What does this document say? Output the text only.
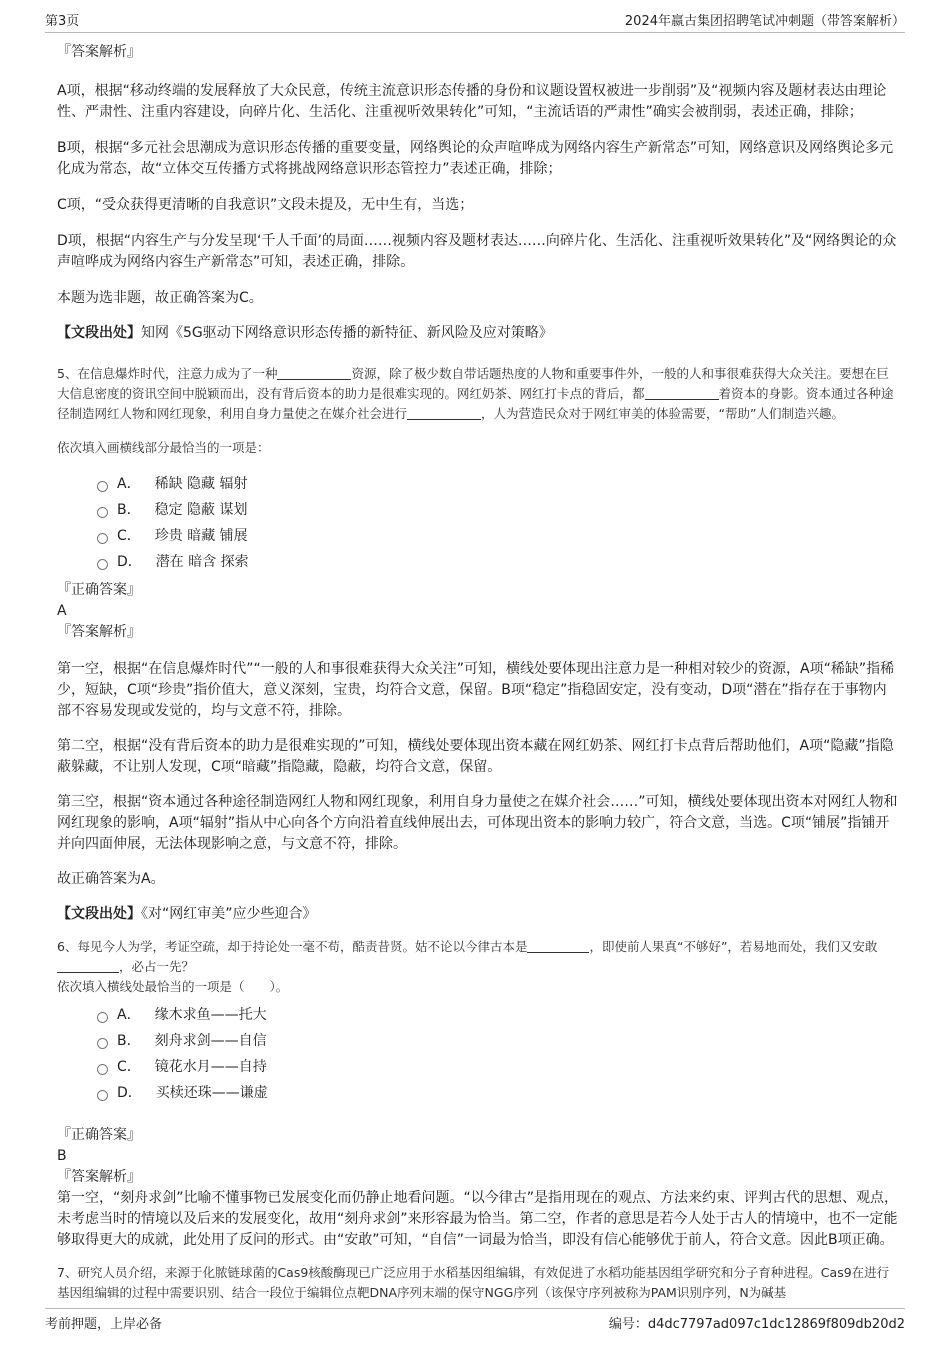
第3页	2024年嬴古集团招聘笔试冲刺题（带答案解析）

『答案解析』

A项，根据“移动终端的发展释放了大众民意，传统主流意识形态传播的身份和议题设置权被进一步削弱”及“视频内容及题材表达由理论性、严肃性、注重内容建设，向碎片化、生活化、注重视听效果转化”可知，“主流话语的严肃性”确实会被削弱，表述正确，排除；

B项，根据“多元社会思潮成为意识形态传播的重要变量，网络舆论的众声喧哗成为网络内容生产新常态”可知，网络意识及网络舆论多元化成为常态，故“立体交互传播方式将挑战网络意识形态管控力”表述正确，排除；

C项，“受众获得更清晰的自我意识”文段未提及，无中生有，当选；

D项，根据“内容生产与分发呈现‘千人千面’的局面……视频内容及题材表达……向碎片化、生活化、注重视听效果转化”及“网络舆论的众声喧哗成为网络内容生产新常态”可知，表述正确，排除。

本题为选非题，故正确答案为C。

【文段出处】知网《5G驱动下网络意识形态传播的新特征、新风险及应对策略》

5、在信息爆炸时代，注意力成为了一种	资源，除了极少数自带话题热度的人物和重要事件外，一般的人和事很难获得大众关注。要想在巨大信息密度的资讯空间中脱颖而出，没有背后资本的助力是很难实现的。网红奶茶、网红打卡点的背后，都	着资本的身影。资本通过各种途径制造网红人物和网红现象，利用自身力量使之在媒介社会进行	，人为营造民众对于网红审美的体验需要，“帮助”人们制造兴趣。

依次填入画横线部分最恰当的一项是：

A． 稀缺 隐藏 辐射
B． 稳定 隐蔽 谋划
C． 珍贵 暗藏 铺展
D． 潜在 暗含 探索

『正确答案』

A

『答案解析』

第一空，根据“在信息爆炸时代”“一般的人和事很难获得大众关注”可知，横线处要体现出注意力是一种相对较少的资源，A项“稀缺”指稀少，短缺，C项“珍贵”指价值大，意义深刻，宝贵，均符合文意，保留。B项“稳定”指稳固安定，没有变动，D项“潜在”指存在于事物内部不容易发现或发觉的，均与文意不符，排除。

第二空，根据“没有背后资本的助力是很难实现的”可知，横线处要体现出资本藏在网红奶茶、网红打卡点背后帮助他们，A项“隐藏”指隐蔽躲藏，不让别人发现，C项“暗藏”指隐藏，隐蔽，均符合文意，保留。

第三空，根据“资本通过各种途径制造网红人物和网红现象，利用自身力量使之在媒介社会……”可知，横线处要体现出资本对网红人物和网红现象的影响，A项“辐射”指从中心向各个方向沿着直线伸展出去，可体现出资本的影响力较广，符合文意，当选。C项“铺展”指铺开并向四面伸展，无法体现影响之意，与文意不符，排除。

故正确答案为A。

【文段出处】《对“网红审美”应少些迎合》

6、每见今人为学，考证空疏，却于持论处一毫不苟，酷责昔贤。姑不论以今律古本是	，即使前人果真“不够好”，若易地而处，我们又安敢，必占一先？

依次填入横线处最恰当的一项是（　　）。

A． 缘木求鱼——托大
B． 刻舟求剑——自信
C． 镜花水月——自持
D． 买椟还珠——谦虚

『正确答案』

B

『答案解析』

第一空，“刻舟求剑”比喻不懂事物已发展变化而仍静止地看问题。“以今律古”是指用现在的观点、方法来约束、评判古代的思想、观点，未考虑当时的情境以及后来的发展变化，故用“刻舟求剑”来形容最为恰当。第二空，作者的意思是若今人处于古人的情境中，也不一定能够取得更大的成就，此处用了反问的形式。由“安敢”可知，“自信”一词最为恰当，即没有信心能够优于前人，符合文意。因此B项正确。

7、研究人员介绍，来源于化脓链球菌的Cas9核酸酶现已广泛应用于水稻基因组编辑，有效促进了水稻功能基因组学研究和分子育种进程。Cas9在进行基因组编辑的过程中需要识别、结合一段位于编辑位点靶DNA序列末端的保守NGG序列（该保守序列被称为PAM识别序列，N为碱基

考前押题，上岸必备	编号：d4dc7797ad097c1dc12869f809db20d2
